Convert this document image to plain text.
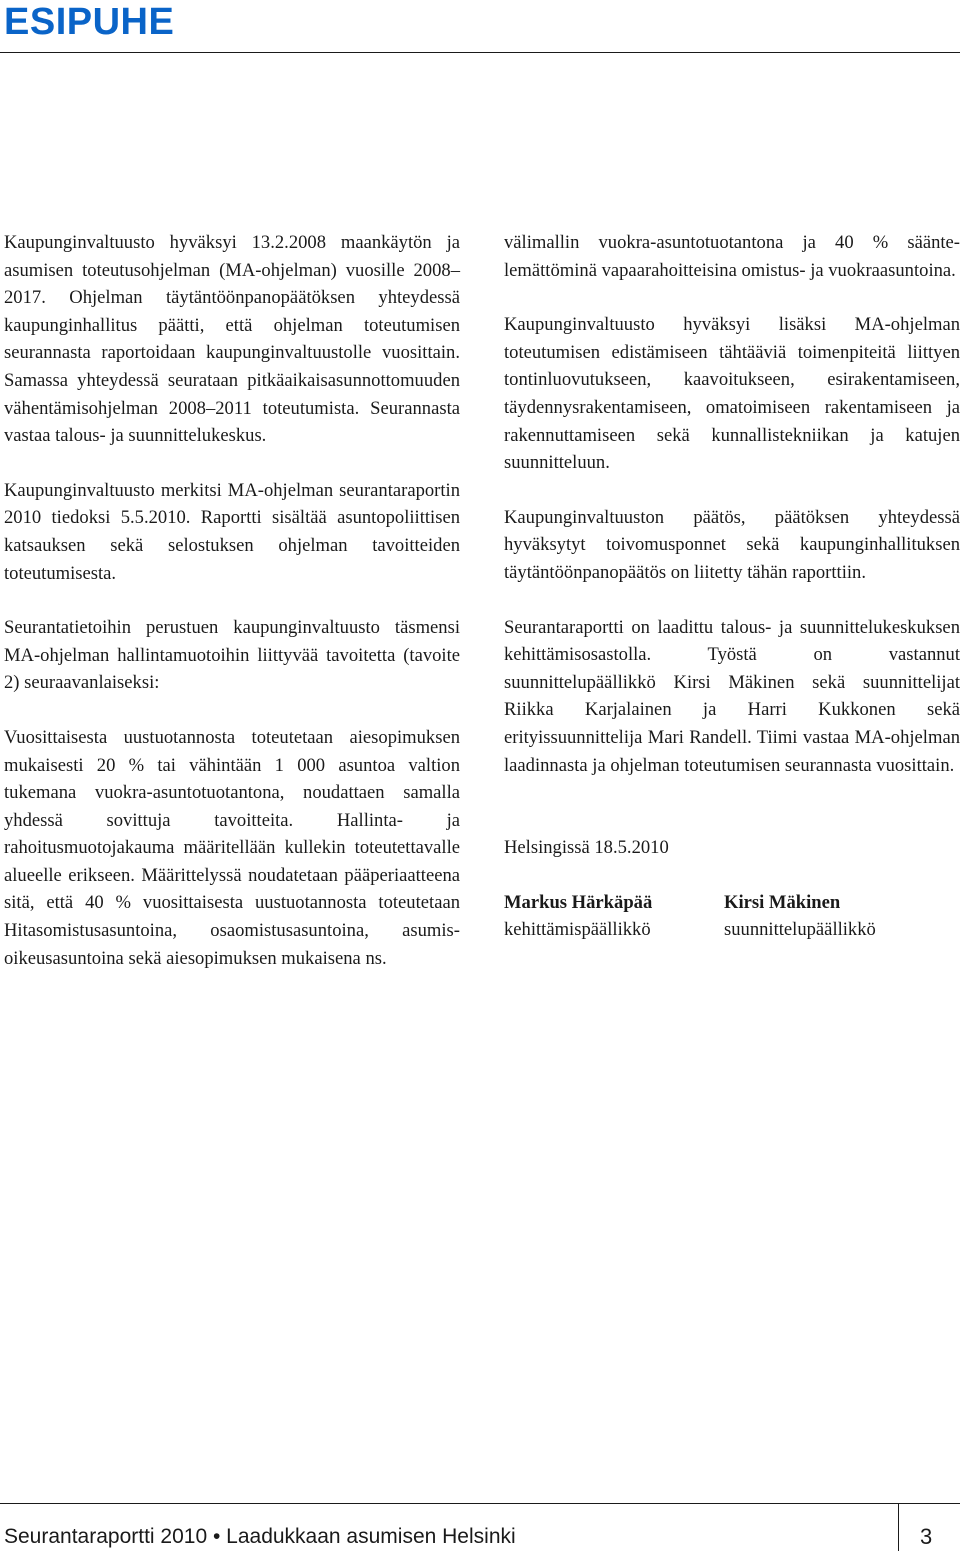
ESIPUHE

Kaupunginvaltuusto hyväksyi 13.2.2008 maankäytön ja asumisen toteutusohjelman (MA-ohjelman) vuosille 2008–2017. Ohjelman täytäntöönpanopäätöksen yhteydessä kaupunginhallitus päätti, että ohjelman toteutumisen seurannasta raportoidaan kaupunginvaltuustolle vuosittain. Samassa yhteydessä seurataan pitkäaikaisasunnottomuuden vähentämisohjelman 2008–2011 toteutumista. Seurannasta vastaa talous- ja suunnittelukeskus.

Kaupunginvaltuusto merkitsi MA-ohjelman seurantaraportin 2010 tiedoksi 5.5.2010. Raportti sisältää asuntopoliittisen katsauksen sekä selostuksen ohjelman tavoitteiden toteutumisesta.

Seurantatietoihin perustuen kaupunginvaltuusto täsmensi MA-ohjelman hallintamuotoihin liittyvää tavoitetta (tavoite 2) seuraavanlaiseksi:

Vuosittaisesta uustuotannosta toteutetaan aiesopimuksen mukaisesti 20 % tai vähintään 1 000 asuntoa valtion tukemana vuokra-asuntotuotantona, noudattaen samalla yhdessä sovittuja tavoitteita. Hallinta- ja rahoitusmuotojakauma määritellään kullekin toteutettavalle alueelle erikseen. Määrittelyssä noudatetaan pääperiaatteena sitä, että 40 % vuosittaisesta uustuotannosta toteutetaan Hitasomistusasuntoina, osaomistusasuntoina, asumisoikeusasuntoina sekä aiesopimuksen mukaisena ns.

välimallin vuokra-asuntotuotantona ja 40 % sääntelemättöminä vapaarahoitteisina omistus- ja vuokraasuntoina.

Kaupunginvaltuusto hyväksyi lisäksi MA-ohjelman toteutumisen edistämiseen tähtääviä toimenpiteitä liittyen tontinluovutukseen, kaavoitukseen, esirakentamiseen, täydennysrakentamiseen, omatoimiseen rakentamiseen ja rakennuttamiseen sekä kunnallistekniikan ja katujen suunnitteluun.

Kaupunginvaltuuston päätös, päätöksen yhteydessä hyväksytyt toivomusponnet sekä kaupunginhallituksen täytäntöönpanopäätös on liitetty tähän raporttiin.

Seurantaraportti on laadittu talous- ja suunnittelukeskuksen kehittämisosastolla. Työstä on vastannut suunnittelupäällikkö Kirsi Mäkinen sekä suunnittelijat Riikka Karjalainen ja Harri Kukkonen sekä erityissuunnittelija Mari Randell. Tiimi vastaa MA-ohjelman laadinnasta ja ohjelman toteutumisen seurannasta vuosittain.

Helsingissä 18.5.2010
Markus Härkäpää
kehittämispäällikkö
Kirsi Mäkinen
suunnittelupäällikkö
Seurantaraportti 2010 • Laadukkaan asumisen Helsinki	3
